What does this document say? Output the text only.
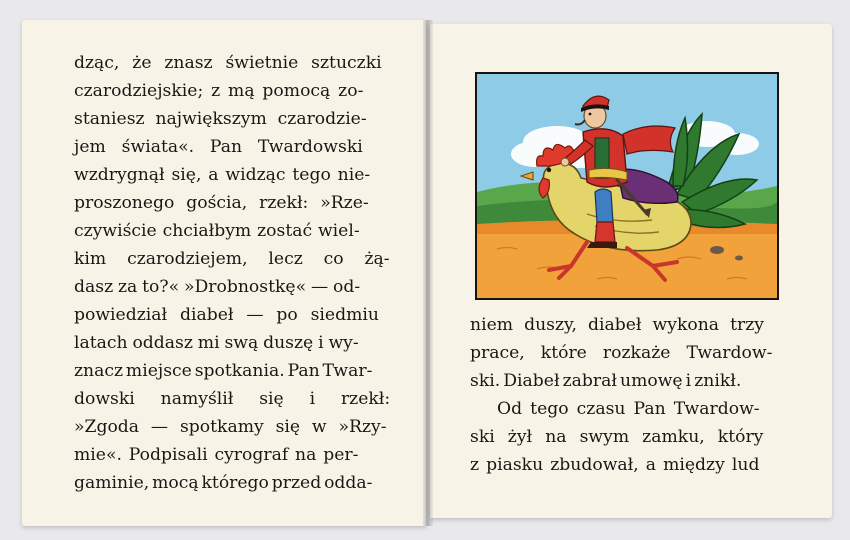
dząc, że znasz świetnie sztuczki
czarodziejskie; z mą pomocą zo-
staniesz największym czarodzie-
jem świata«. Pan Twardowski
wzdrygnął się, a widząc tego nie-
proszonego gościa, rzekł: »Rze-
czywiście chciałbym zostać wiel-
kim czarodziejem, lecz co żą-
dasz za to?« »Drobnostkę« — od-
powiedział diabeł — po siedmiu
latach oddasz mi swą duszę i wy-
znacz miejsce spotkania. Pan Twar-
dowski namyślił się i rzekł:
»Zgoda — spotkamy się w »Rzy-
mie«. Podpisali cyrograf na per-
gaminie, mocą którego przed odda-
niem duszy, diabeł wykona trzy
prace, które rozkaże Twardow-
ski. Diabeł zabrał umowę i znikł.
Od tego czasu Pan Twardow-
ski żył na swym zamku, który
z piasku zbudował, a między lud
